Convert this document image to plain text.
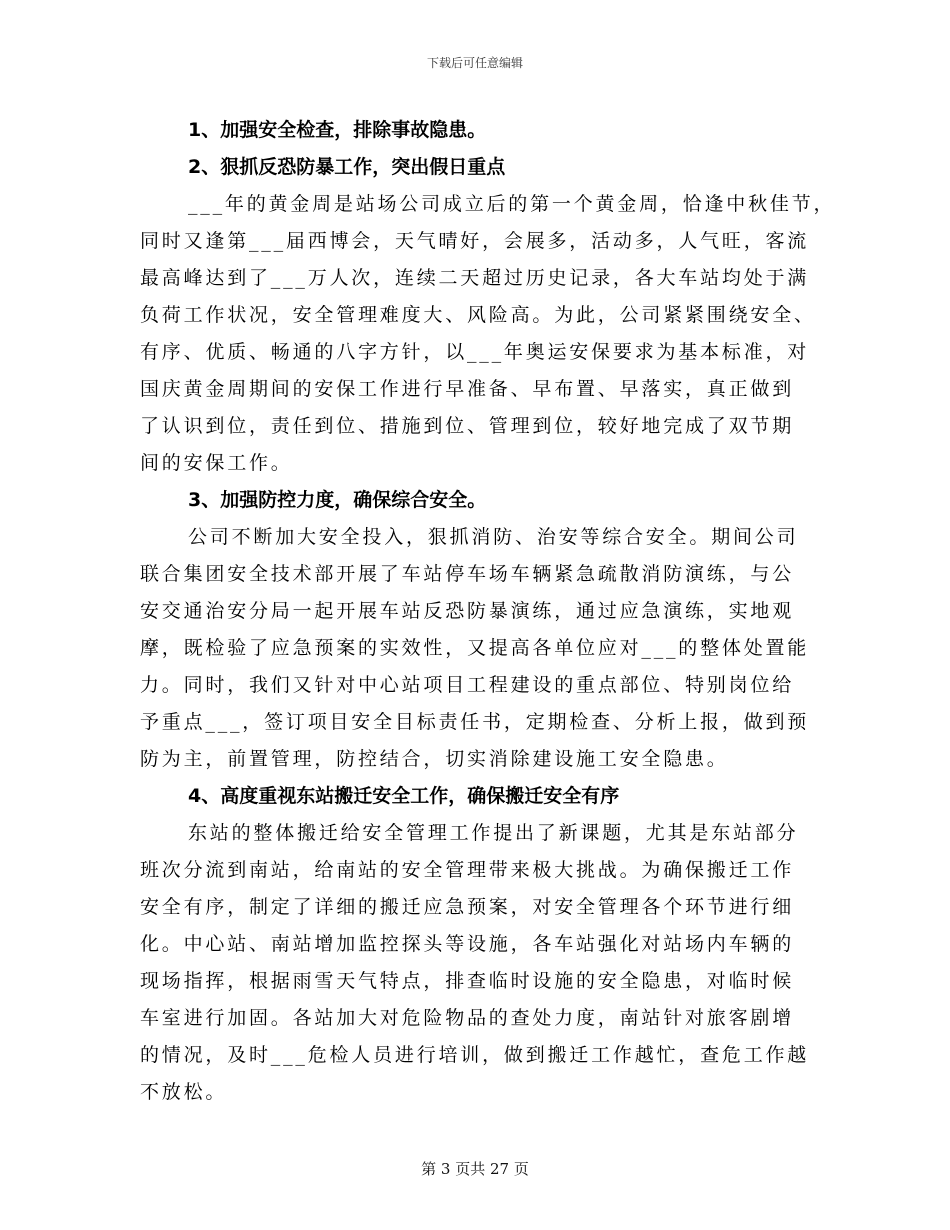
下载后可任意编辑
1、加强安全检查，排除事故隐患。
2、狠抓反恐防暴工作，突出假日重点
___年的黄金周是站场公司成立后的第一个黄金周，恰逢中秋佳节，
同时又逢第___届西博会，天气晴好，会展多，活动多，人气旺，客流
最高峰达到了___万人次，连续二天超过历史记录，各大车站均处于满
负荷工作状况，安全管理难度大、风险高。为此，公司紧紧围绕安全、
有序、优质、畅通的八字方针，以___年奥运安保要求为基本标准，对
国庆黄金周期间的安保工作进行早准备、早布置、早落实，真正做到
了认识到位，责任到位、措施到位、管理到位，较好地完成了双节期
间的安保工作。
3、加强防控力度，确保综合安全。
公司不断加大安全投入，狠抓消防、治安等综合安全。期间公司
联合集团安全技术部开展了车站停车场车辆紧急疏散消防演练，与公
安交通治安分局一起开展车站反恐防暴演练，通过应急演练，实地观
摩，既检验了应急预案的实效性，又提高各单位应对___的整体处置能
力。同时，我们又针对中心站项目工程建设的重点部位、特别岗位给
予重点___，签订项目安全目标责任书，定期检查、分析上报，做到预
防为主，前置管理，防控结合，切实消除建设施工安全隐患。
4、高度重视东站搬迁安全工作，确保搬迁安全有序
东站的整体搬迁给安全管理工作提出了新课题，尤其是东站部分
班次分流到南站，给南站的安全管理带来极大挑战。为确保搬迁工作
安全有序，制定了详细的搬迁应急预案，对安全管理各个环节进行细
化。中心站、南站增加监控探头等设施，各车站强化对站场内车辆的
现场指挥，根据雨雪天气特点，排查临时设施的安全隐患，对临时候
车室进行加固。各站加大对危险物品的查处力度，南站针对旅客剧增
的情况，及时___危检人员进行培训，做到搬迁工作越忙，查危工作越
不放松。
第 3 页共 27 页
